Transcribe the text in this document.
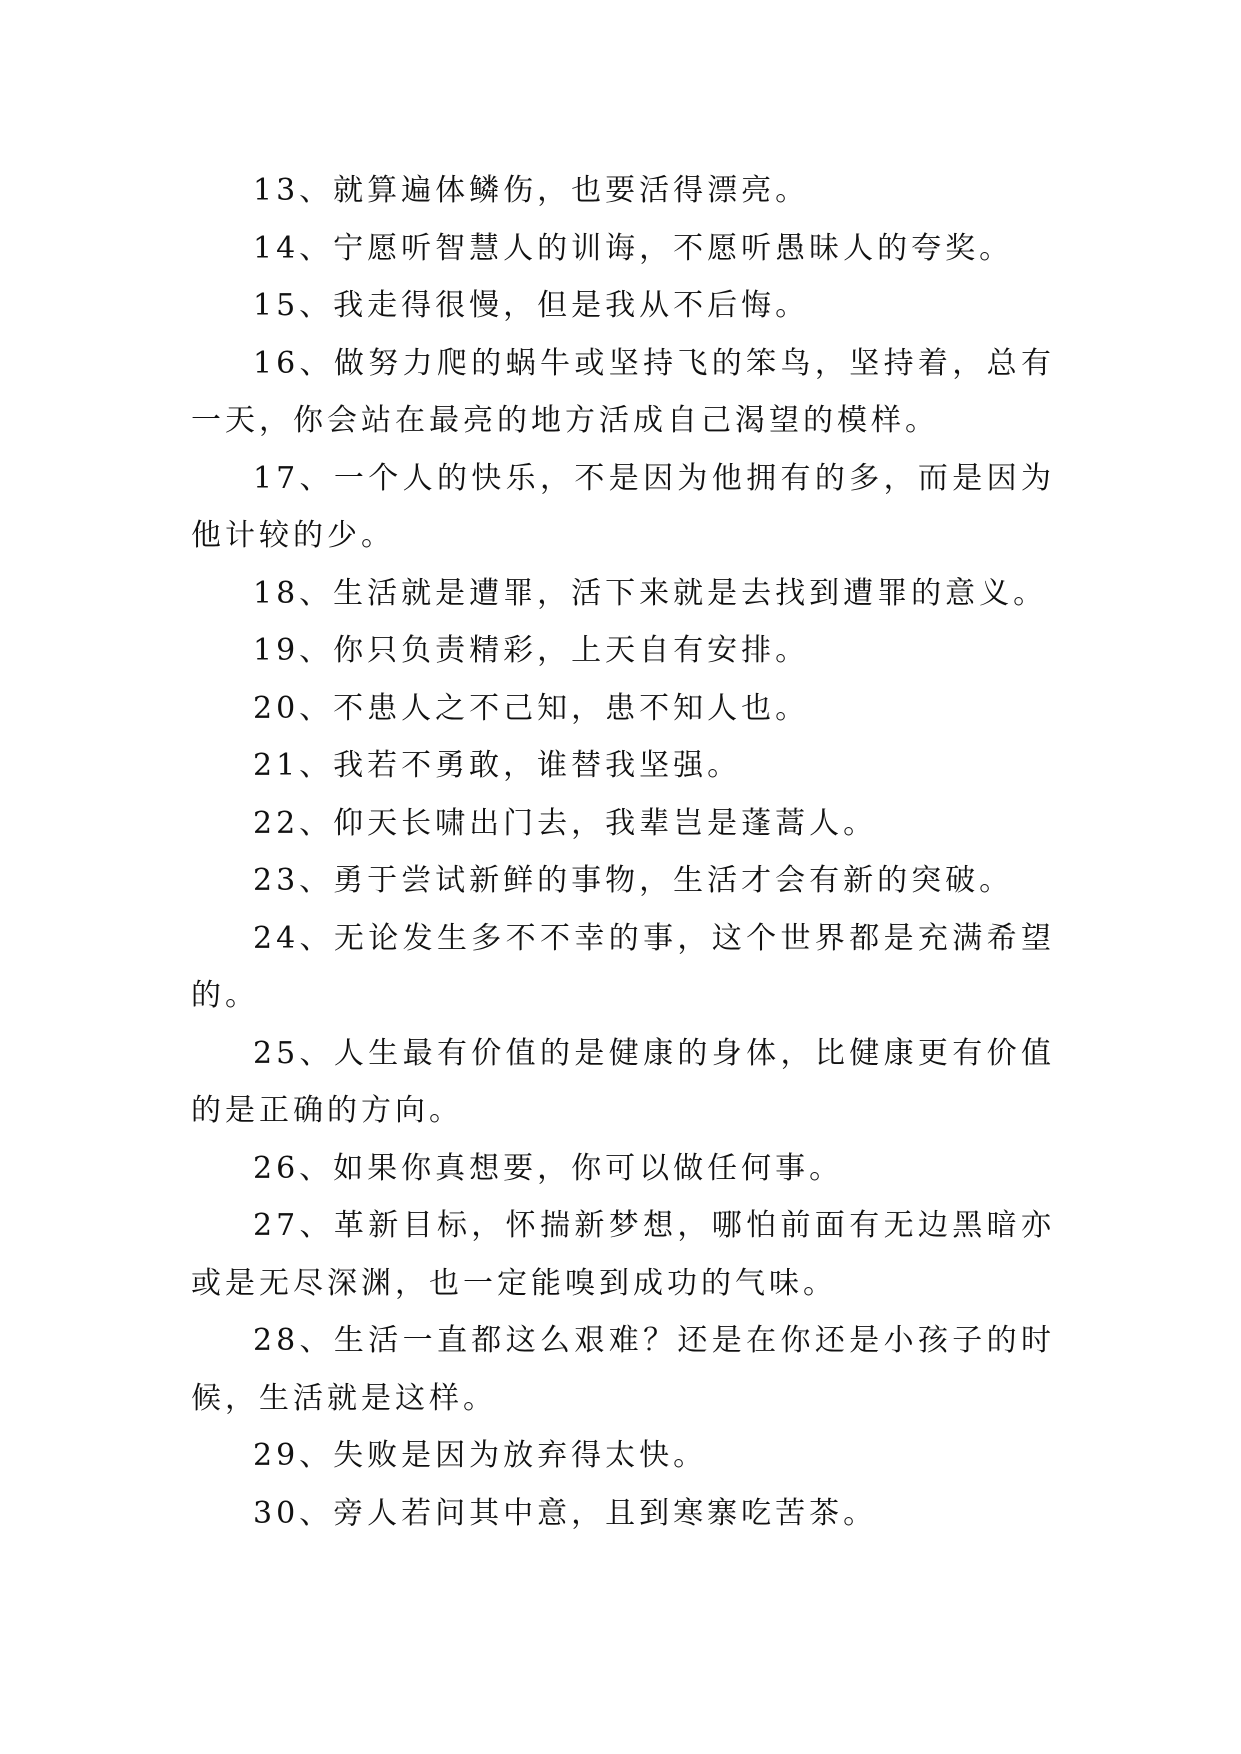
13、就算遍体鳞伤，也要活得漂亮。

14、宁愿听智慧人的训诲，不愿听愚昧人的夸奖。

15、我走得很慢，但是我从不后悔。

16、做努力爬的蜗牛或坚持飞的笨鸟，坚持着，总有一天，你会站在最亮的地方活成自己渴望的模样。

17、一个人的快乐，不是因为他拥有的多，而是因为他计较的少。

18、生活就是遭罪，活下来就是去找到遭罪的意义。

19、你只负责精彩，上天自有安排。

20、不患人之不己知，患不知人也。

21、我若不勇敢，谁替我坚强。

22、仰天长啸出门去，我辈岂是蓬蒿人。

23、勇于尝试新鲜的事物，生活才会有新的突破。

24、无论发生多不不幸的事，这个世界都是充满希望的。

25、人生最有价值的是健康的身体，比健康更有价值的是正确的方向。

26、如果你真想要，你可以做任何事。

27、革新目标，怀揣新梦想，哪怕前面有无边黑暗亦或是无尽深渊，也一定能嗅到成功的气味。

28、生活一直都这么艰难？还是在你还是小孩子的时候，生活就是这样。

29、失败是因为放弃得太快。

30、旁人若问其中意，且到寒寨吃苦茶。
